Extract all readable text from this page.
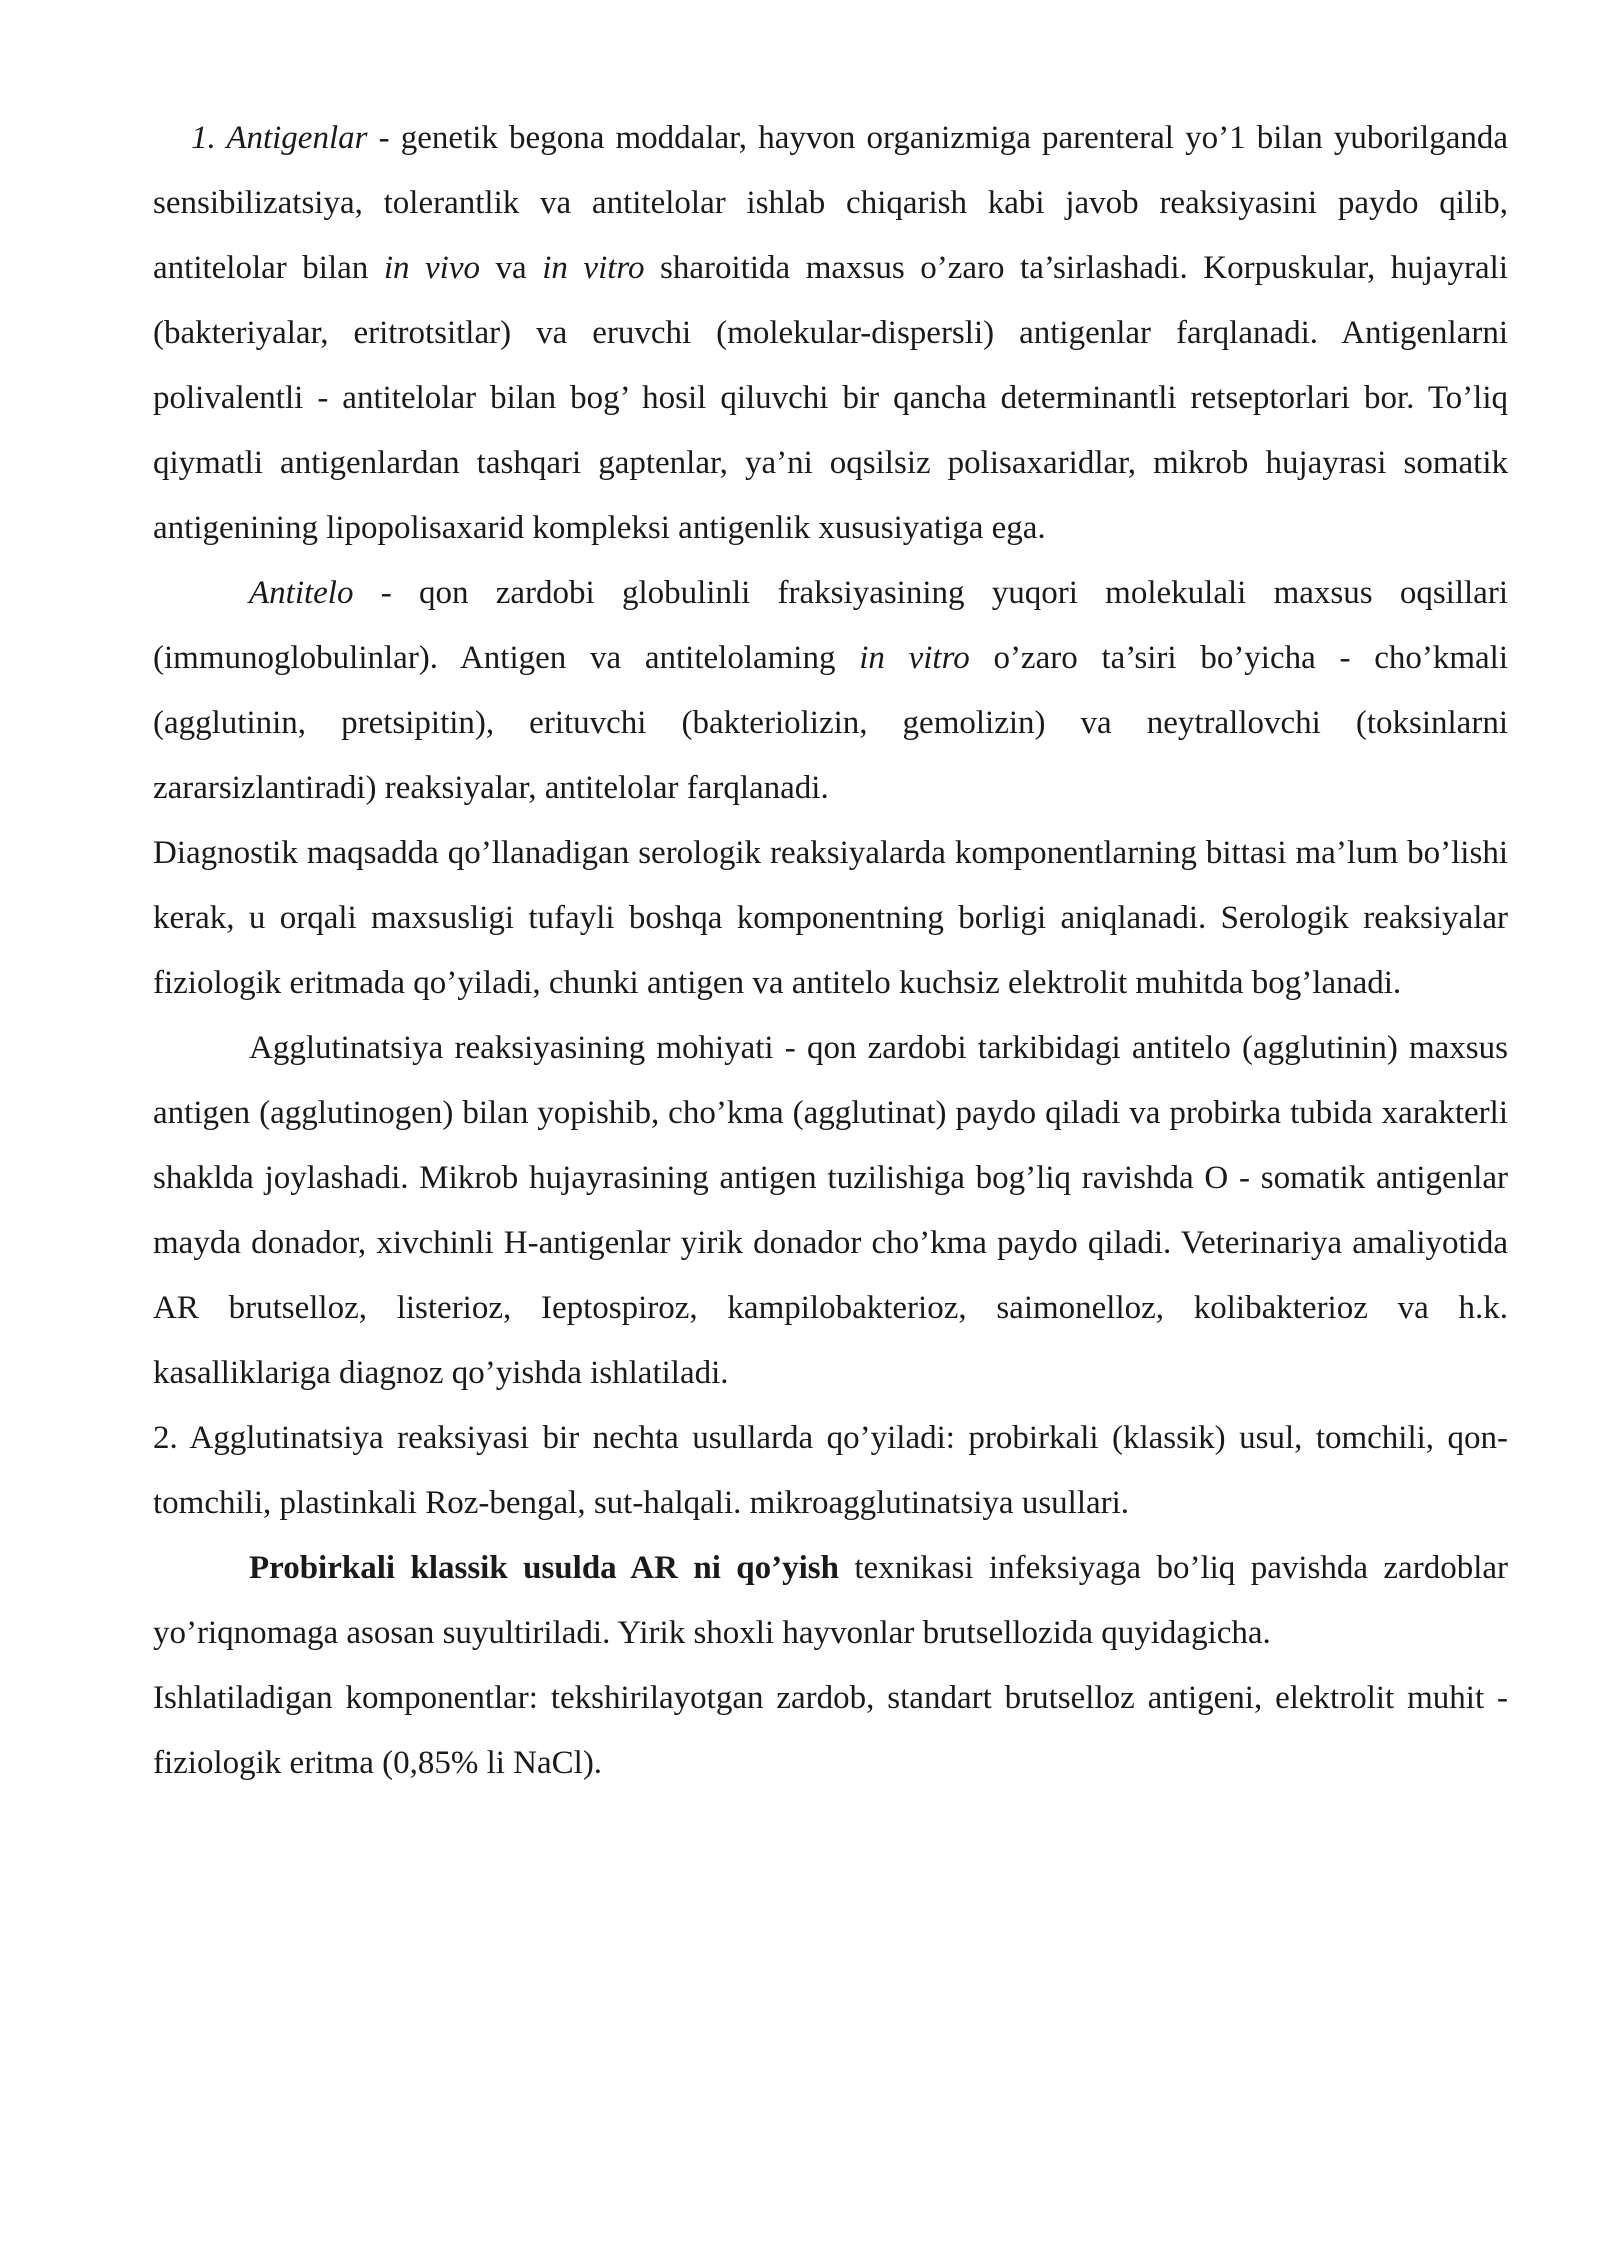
1. Antigenlar - genetik begona moddalar, hayvon organizmiga parenteral yo’1 bilan yuborilganda sensibilizatsiya, tolerantlik va antitelolar ishlab chiqarish kabi javob reaksiyasini paydo qilib, antitelolar bilan in vivo va in vitro sharoitida maxsus o’zaro ta’sirlashadi. Korpuskular, hujayrali (bakteriyalar, eritrotsitlar) va eruvchi (molekular-dispersli) antigenlar farqlanadi. Antigenlarni polivalentli - antitelolar bilan bog’ hosil qiluvchi bir qancha determinantli retseptorlari bor. To’liq qiymatli antigenlardan tashqari gaptenlar, ya’ni oqsilsiz polisaxaridlar, mikrob hujayrasi somatik antigenining lipopolisaxarid kompleksi antigenlik xususiyatiga ega.

Antitelo - qon zardobi globulinli fraksiyasining yuqori molekulali maxsus oqsillari (immunoglobulinlar). Antigen va antitelolaming in vitro o’zaro ta’siri bo’yicha - cho’kmali (agglutinin, pretsipitin), erituvchi (bakteriolizin, gemolizin) va neytrallovchi (toksinlarni zararsizlantiradi) reaksiyalar, antitelolar farqlanadi.

Diagnostik maqsadda qo’llanadigan serologik reaksiyalarda komponentlarning bittasi ma’lum bo’lishi kerak, u orqali maxsusligi tufayli boshqa komponentning borligi aniqlanadi. Serologik reaksiyalar fiziologik eritmada qo’yiladi, chunki antigen va antitelo kuchsiz elektrolit muhitda bog’lanadi.

Agglutinatsiya reaksiyasining mohiyati - qon zardobi tarkibidagi antitelo (agglutinin) maxsus antigen (agglutinogen) bilan yopishib, cho’kma (agglutinat) paydo qiladi va probirka tubida xarakterli shaklda joylashadi. Mikrob hujayrasining antigen tuzilishiga bog’liq ravishda O - somatik antigenlar mayda donador, xivchinli H-antigenlar yirik donador cho’kma paydo qiladi. Veterinariya amaliyotida AR brutselloz, listerioz, Ieptospiroz, kampilobakterioz, saimonelloz, kolibakterioz va h.k. kasalliklariga diagnoz qo’yishda ishlatiladi.

2. Agglutinatsiya reaksiyasi bir nechta usullarda qo’yiladi: probirkali (klassik) usul, tomchili, qon-tomchili, plastinkali Roz-bengal, sut-halqali. mikroagglutinatsiya usullari.

Probirkali klassik usulda AR ni qo’yish texnikasi infeksiyaga bo’liq pavishda zardoblar yo’riqnomaga asosan suyultiriladi. Yirik shoxli hayvonlar brutsellozida quyidagicha.

Ishlatiladigan komponentlar: tekshirilayotgan zardob, standart brutselloz antigeni, elektrolit muhit - fiziologik eritma (0,85% li NaCl).
